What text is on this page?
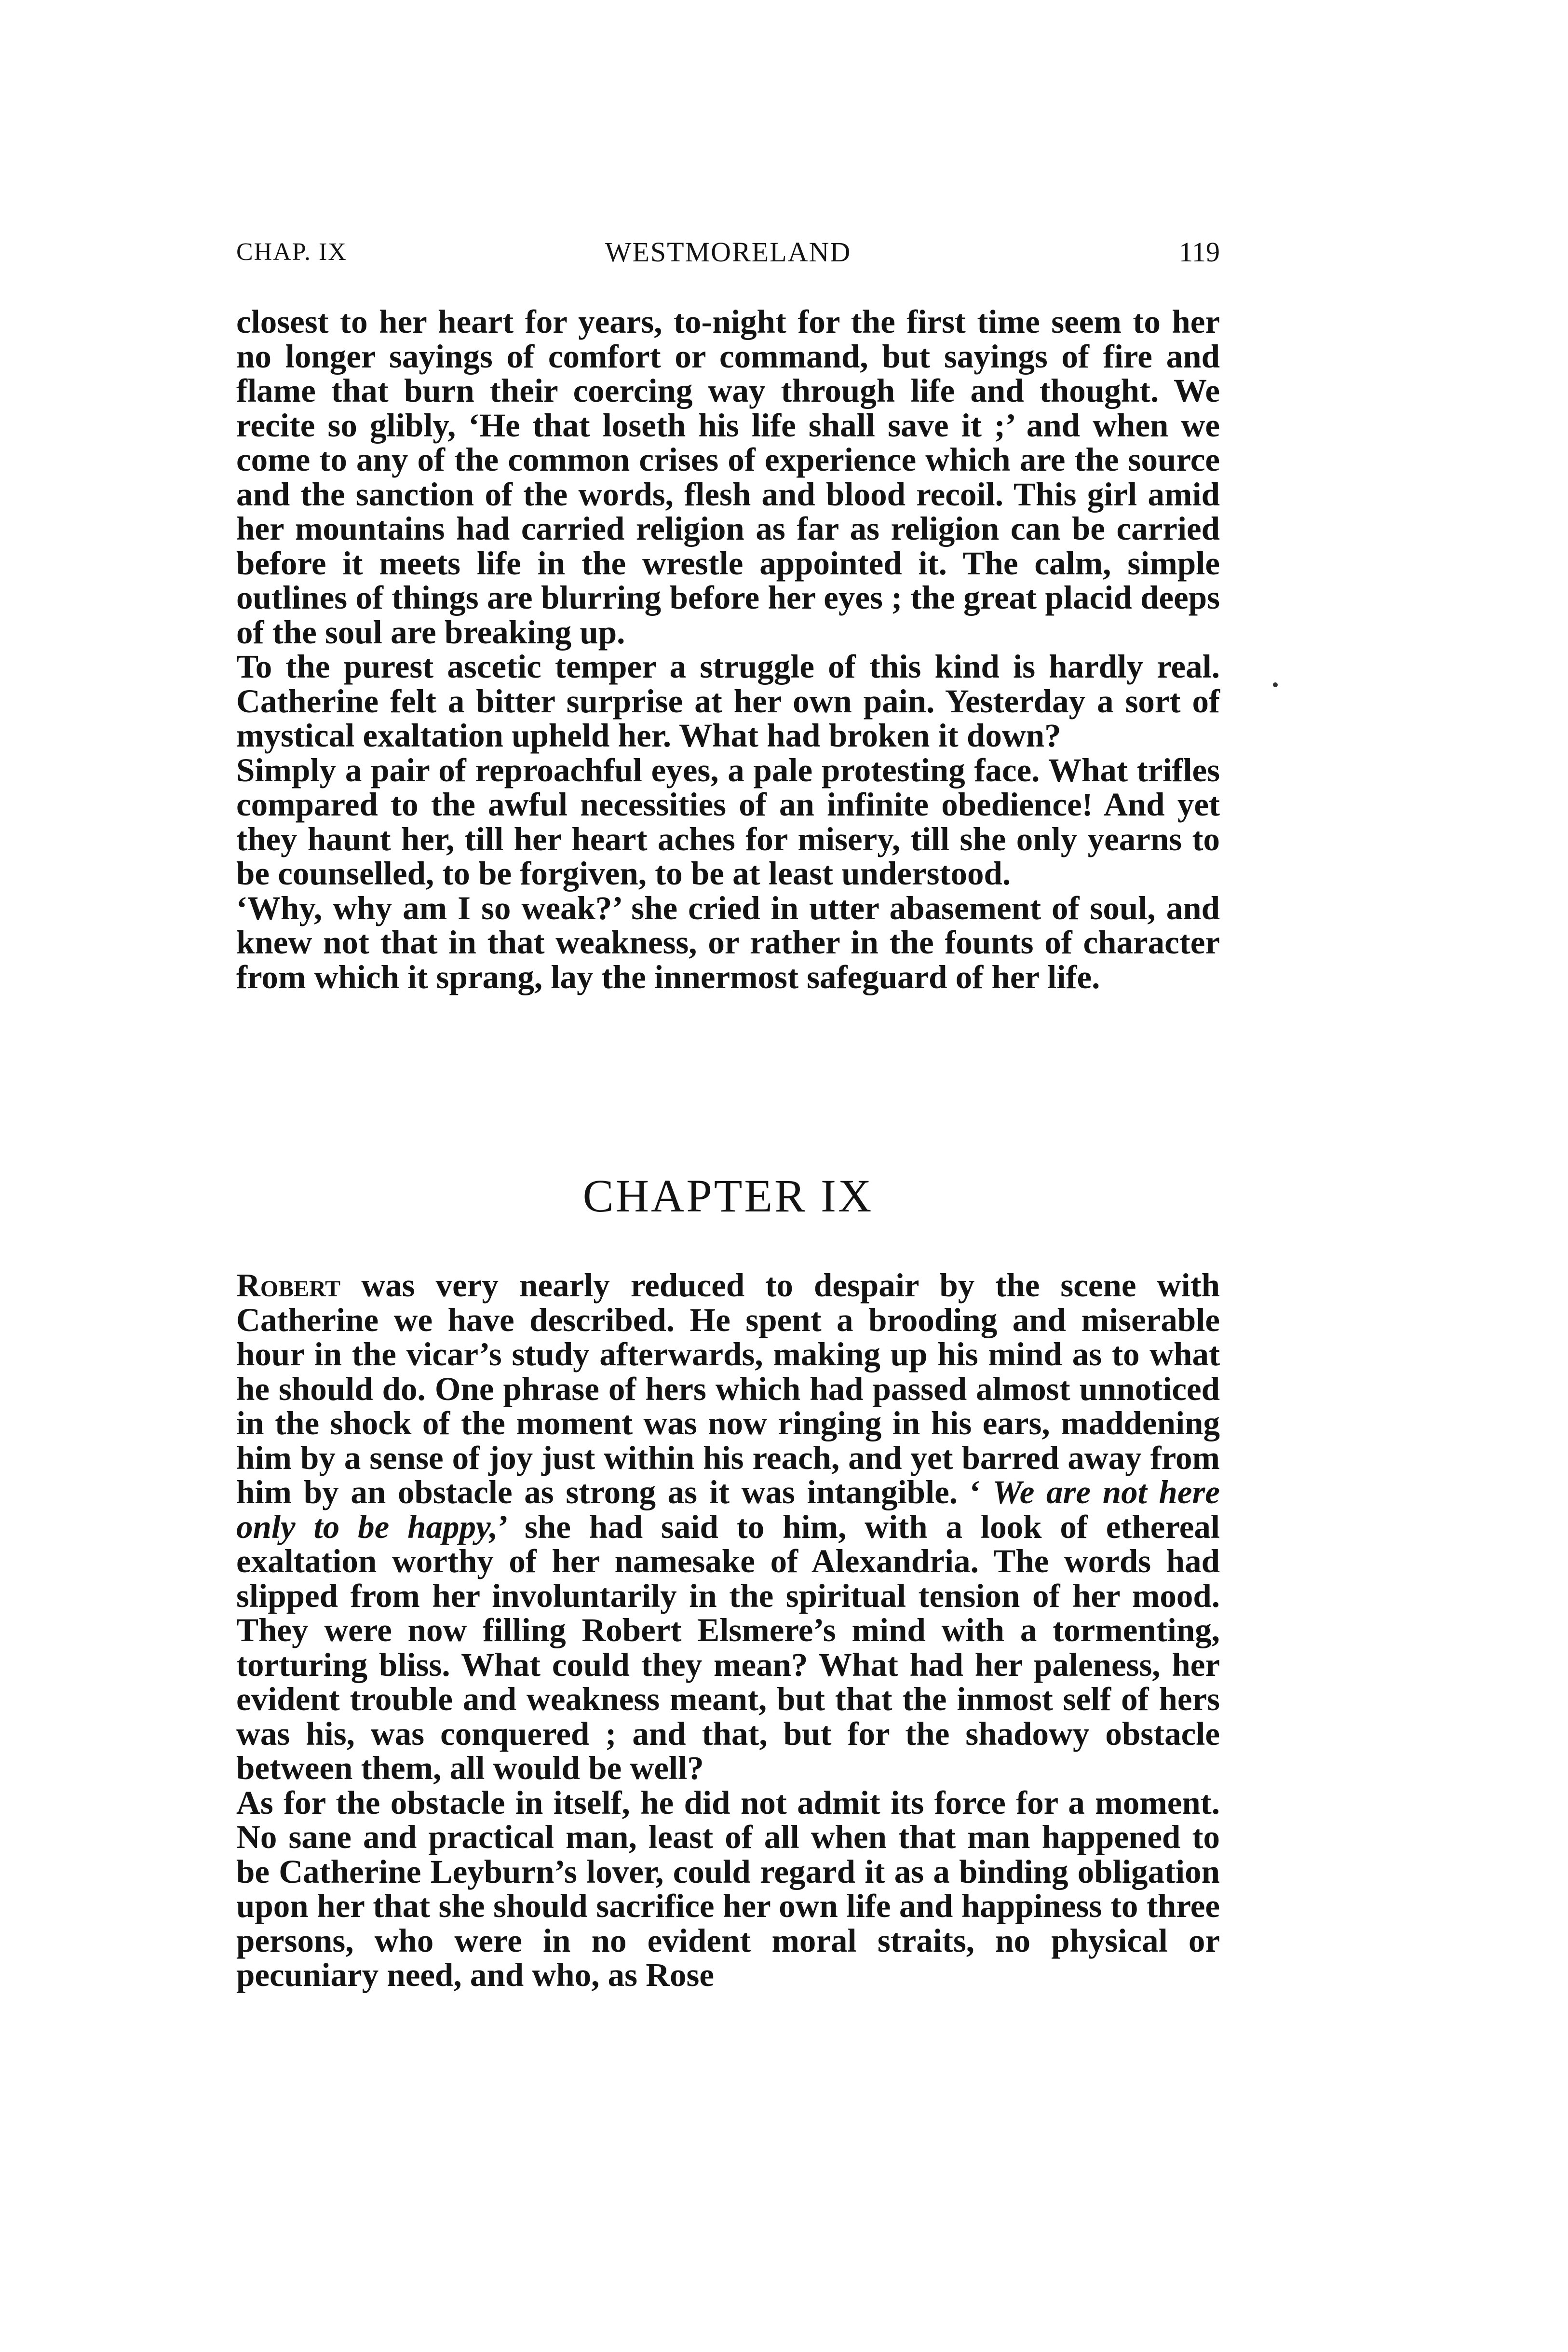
CHAP. IX	WESTMORELAND	119

closest to her heart for years, to-night for the first time seem to her no longer sayings of comfort or command, but sayings of fire and flame that burn their coercing way through life and thought. We recite so glibly, ‘He that loseth his life shall save it ;’ and when we come to any of the common crises of experience which are the source and the sanction of the words, flesh and blood recoil. This girl amid her mountains had carried religion as far as religion can be carried before it meets life in the wrestle appointed it. The calm, simple outlines of things are blurring before her eyes ; the great placid deeps of the soul are breaking up.

To the purest ascetic temper a struggle of this kind is hardly real. Catherine felt a bitter surprise at her own pain. Yesterday a sort of mystical exaltation upheld her. What had broken it down?

Simply a pair of reproachful eyes, a pale protesting face. What trifles compared to the awful necessities of an infinite obedience! And yet they haunt her, till her heart aches for misery, till she only yearns to be counselled, to be forgiven, to be at least understood.

‘Why, why am I so weak?’ she cried in utter abasement of soul, and knew not that in that weakness, or rather in the founts of character from which it sprang, lay the innermost safeguard of her life.

CHAPTER IX

Robert was very nearly reduced to despair by the scene with Catherine we have described. He spent a brooding and miserable hour in the vicar’s study afterwards, making up his mind as to what he should do. One phrase of hers which had passed almost unnoticed in the shock of the moment was now ringing in his ears, maddening him by a sense of joy just within his reach, and yet barred away from him by an obstacle as strong as it was intangible. ‘ We are not here only to be happy,’ she had said to him, with a look of ethereal exaltation worthy of her namesake of Alexandria. The words had slipped from her involuntarily in the spiritual tension of her mood. They were now filling Robert Elsmere’s mind with a tormenting, torturing bliss. What could they mean? What had her paleness, her evident trouble and weakness meant, but that the inmost self of hers was his, was conquered ; and that, but for the shadowy obstacle between them, all would be well?

As for the obstacle in itself, he did not admit its force for a moment. No sane and practical man, least of all when that man happened to be Catherine Leyburn’s lover, could regard it as a binding obligation upon her that she should sacrifice her own life and happiness to three persons, who were in no evident moral straits, no physical or pecuniary need, and who, as Rose
